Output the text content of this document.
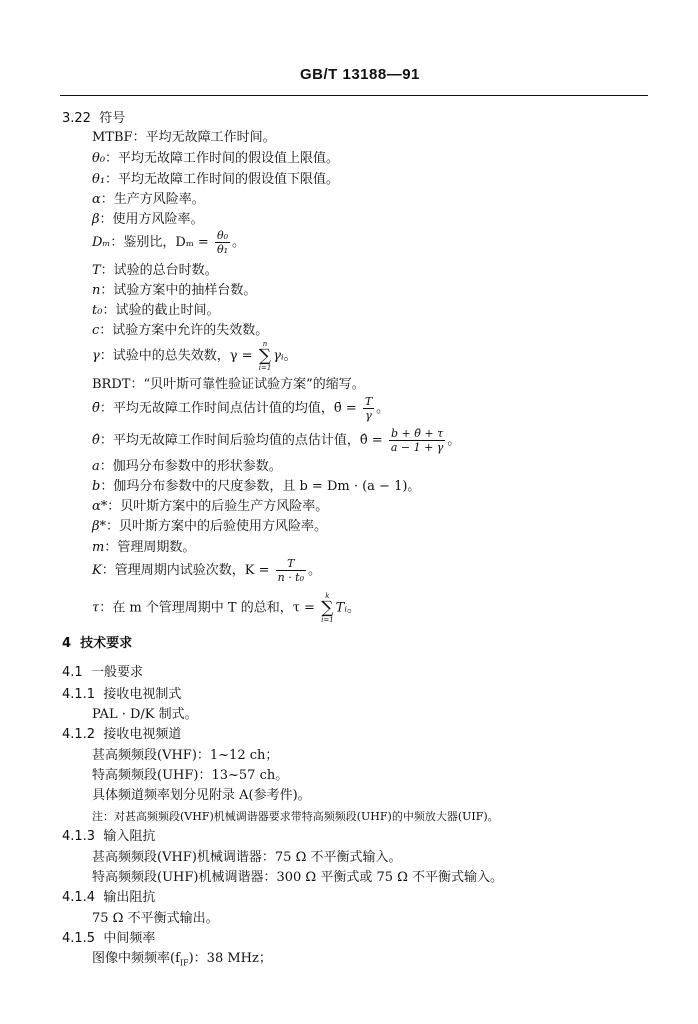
GB/T 13188—91
3.22 符号
MTBF：平均无故障工作时间。
θ₀：平均无故障工作时间的假设值上限值。
θ₁：平均无故障工作时间的假设值下限值。
α：生产方风险率。
β：使用方风险率。
Dₘ：鉴别比，$D_m = \frac{\text{θ₀}}{\text{θ₁}}$ 。
T：试验的总台时数。
n：试验方案中的抽样台数。
t₀：试验的截止时间。
c：试验方案中允许的失效数。
γ：试验中的总失效数，γ =
n
∑
i=1
γᵢ。
BRDT：“贝叶斯可靠性验证试验方案”的缩写。
θ̄：平均无故障工作时间点估计值的均值，θ̄ = $\frac{T}{\gamma}$ 。
θ̂：平均无故障工作时间后验均值的点估计值，θ̂ = $\frac{b + \thetā + \tau}{a - 1 + \gamma}$ 。
a：伽玛分布参数中的形状参数。
b：伽玛分布参数中的尺度参数，且 b = Dm · (a − 1)。
α*：贝叶斯方案中的后验生产方风险率。
β*：贝叶斯方案中的后验使用方风险率。
m：管理周期数。
K：管理周期内试验次数，$K = \frac{T}{\text{n · t₀}}$ 。
τ：在 m 个管理周期中 T 的总和，τ =
k
∑
i=1
Tᵢ。
4 技术要求
4.1 一般要求
4.1.1 接收电视制式
PAL · D/K 制式。
4.1.2 接收电视频道
甚高频频段(VHF)：1~12 ch；
特高频频段(UHF)：13~57 ch。
具体频道频率划分见附录 A(参考件)。
注：对甚高频频段(VHF)机械调谐器要求带特高频频段(UHF)的中频放大器(UIF)。
4.1.3 输入阻抗
甚高频频段(VHF)机械调谐器：75 Ω 不平衡式输入。
特高频频段(UHF)机械调谐器：300 Ω 平衡式或 75 Ω 不平衡式输入。
4.1.4 输出阻抗
75 Ω 不平衡式输出。
4.1.5 中间频率
图像中频频率$(f_{IF})$：38 MHz；
